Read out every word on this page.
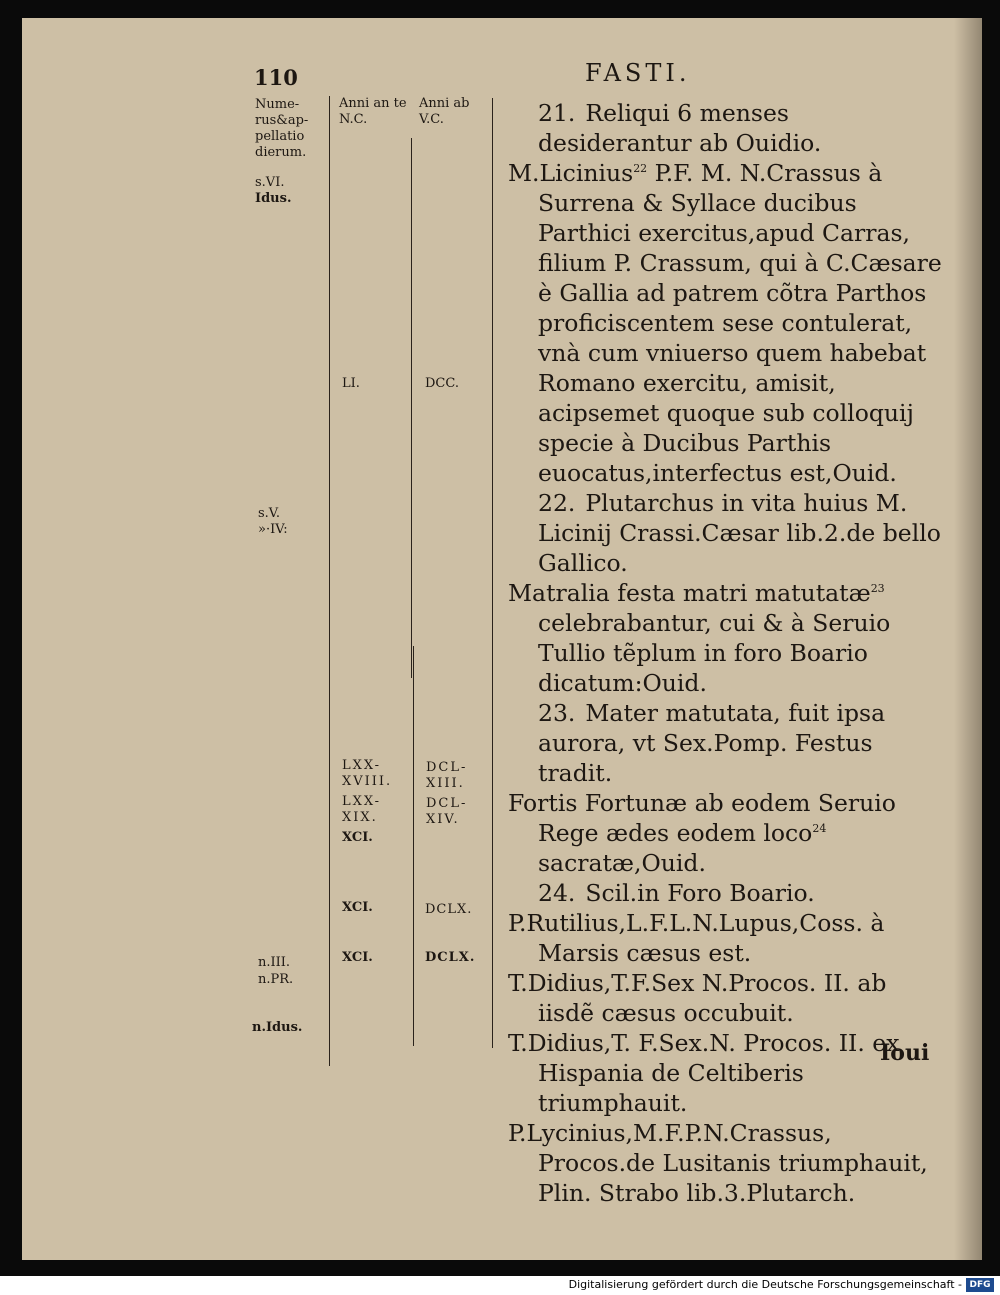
110	FASTI.
Nume-rus&ap-pellatio dierum.
Anni an te N.C.
Anni ab V.C.
s.VI.
Idus.
s.V.
»·IV:
n.III.
n.PR.
n.Idus.
LI.
LXX-XVIII.
LXX-XIX.
XCI.
XCI.
XCI.
DCC.
DCL-XIII.
DCL-XIV.
DCLX.
DCLX.

21. Reliqui 6 menses desiderantur ab Ouidio.

M.Licinius$^{22}$ P.F. M. N.Crassus à Surrena & Syllace ducibus Parthici exercitus,apud Carras, filium P. Crassum, qui à C.Cæsare è Gallia ad patrem cõtra Parthos proficiscentem sese contulerat, vnà cum vniuerso quem habebat Romano exercitu, amisit, acipsemet quoque sub colloquij specie à Ducibus Parthis euocatus,interfectus est,Ouid.

22. Plutarchus in vita huius M. Licinij Crassi.Cæsar lib.2.de bello Gallico.

Matralia festa matri matutatæ$^{23}$ celebrabantur, cui & à Seruio Tullio tẽplum in foro Boario dicatum:Ouid.

23. Mater matutata, fuit ipsa aurora, vt Sex.Pomp. Festus tradit.

Fortis Fortunæ ab eodem Seruio Rege ædes eodem loco$^{24}$ sacratæ,Ouid.

24. Scil.in Foro Boario.

P.Rutilius,L.F.L.N.Lupus,Coss. à Marsis cæsus est.

T.Didius,T.F.Sex N.Procos. II. ab iisdẽ cæsus occubuit.

T.Didius,T. F.Sex.N. Procos. II. ex Hispania de Celtiberis triumphauit.

P.Lycinius,M.F.P.N.Crassus, Procos.de Lusitanis triumphauit, Plin. Strabo lib.3.Plutarch.

Ioui
Digitalisierung gefördert durch die Deutsche Forschungsgemeinschaft - DFG
